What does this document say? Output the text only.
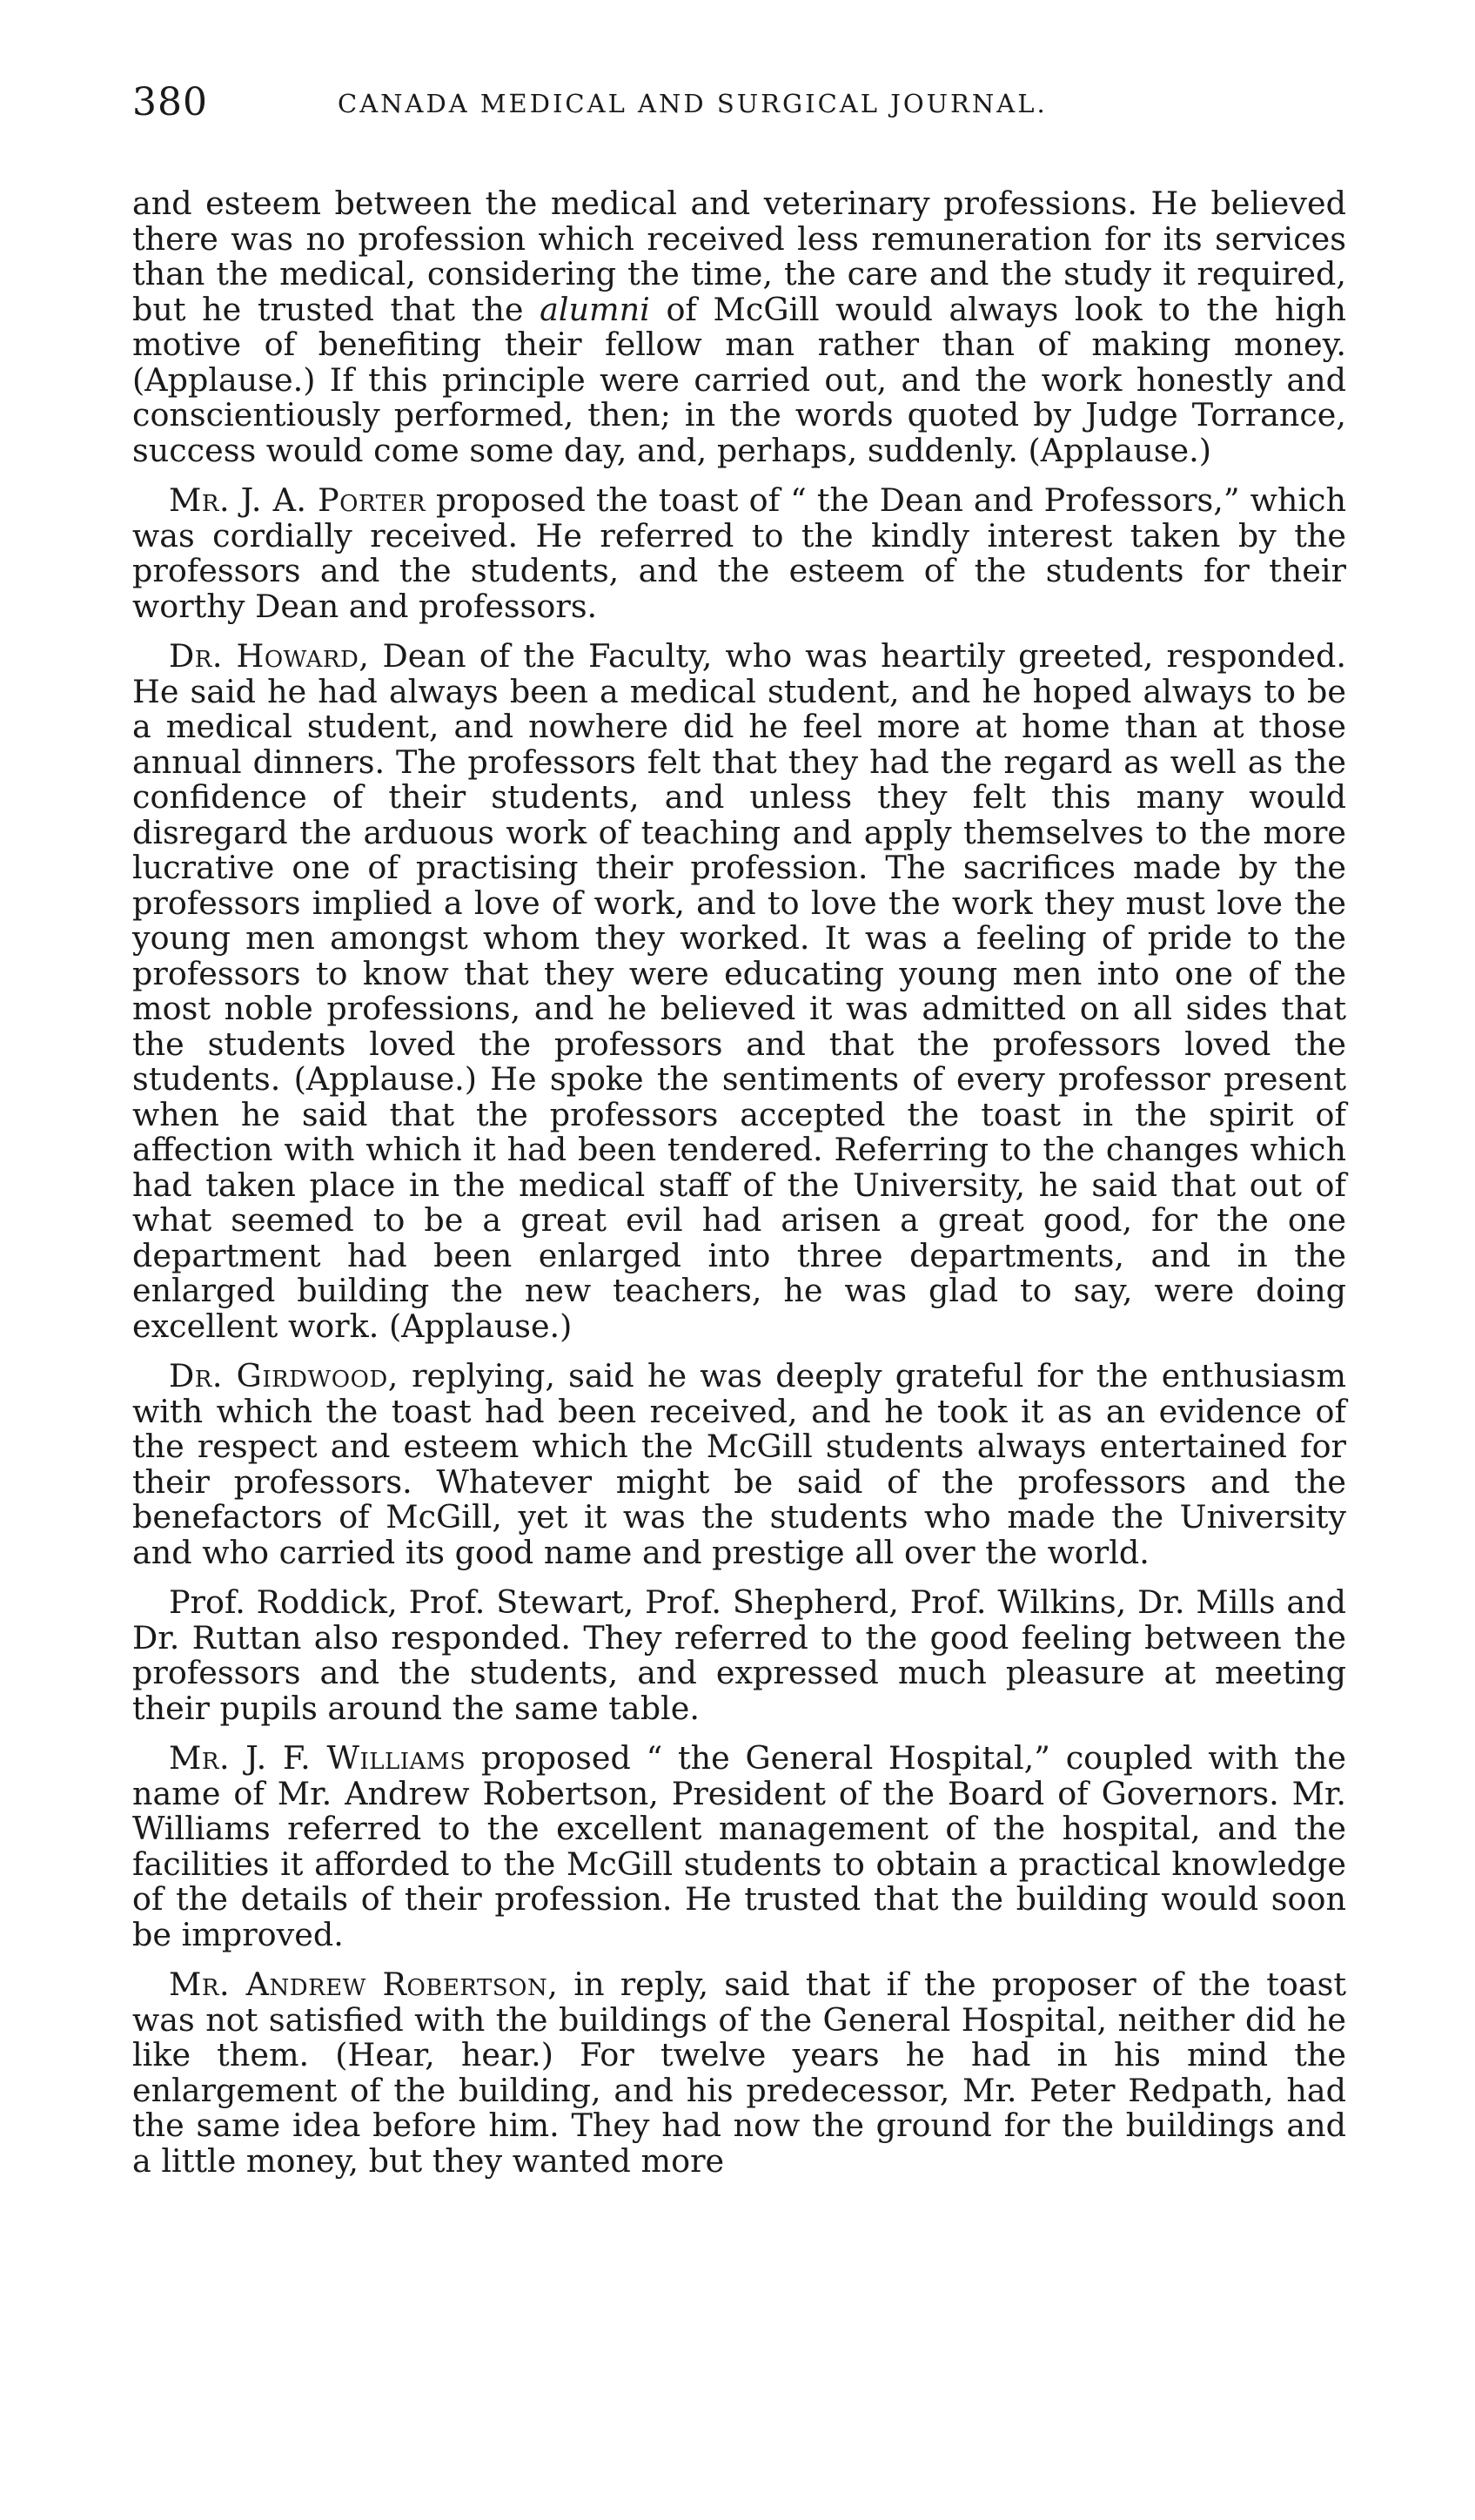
380	CANADA MEDICAL AND SURGICAL JOURNAL.

and esteem between the medical and veterinary professions. He believed there was no profession which received less remuneration for its services than the medical, considering the time, the care and the study it required, but he trusted that the alumni of McGill would always look to the high motive of benefiting their fellow man rather than of making money. (Applause.) If this principle were carried out, and the work honestly and conscientiously performed, then; in the words quoted by Judge Torrance, success would come some day, and, perhaps, suddenly. (Applause.)

Mr. J. A. Porter proposed the toast of “ the Dean and Professors,” which was cordially received. He referred to the kindly interest taken by the professors and the students, and the esteem of the students for their worthy Dean and professors.

Dr. Howard, Dean of the Faculty, who was heartily greeted, responded. He said he had always been a medical student, and he hoped always to be a medical student, and nowhere did he feel more at home than at those annual dinners. The professors felt that they had the regard as well as the confidence of their students, and unless they felt this many would disregard the arduous work of teaching and apply themselves to the more lucrative one of practising their profession. The sacrifices made by the professors implied a love of work, and to love the work they must love the young men amongst whom they worked. It was a feeling of pride to the professors to know that they were educating young men into one of the most noble professions, and he believed it was admitted on all sides that the students loved the professors and that the professors loved the students. (Applause.) He spoke the sentiments of every professor present when he said that the professors accepted the toast in the spirit of affection with which it had been tendered. Referring to the changes which had taken place in the medical staff of the University, he said that out of what seemed to be a great evil had arisen a great good, for the one department had been enlarged into three departments, and in the enlarged building the new teachers, he was glad to say, were doing excellent work. (Applause.)

Dr. Girdwood, replying, said he was deeply grateful for the enthusiasm with which the toast had been received, and he took it as an evidence of the respect and esteem which the McGill students always entertained for their professors. Whatever might be said of the professors and the benefactors of McGill, yet it was the students who made the University and who carried its good name and prestige all over the world.

Prof. Roddick, Prof. Stewart, Prof. Shepherd, Prof. Wilkins, Dr. Mills and Dr. Ruttan also responded. They referred to the good feeling between the professors and the students, and expressed much pleasure at meeting their pupils around the same table.

Mr. J. F. Williams proposed “ the General Hospital,” coupled with the name of Mr. Andrew Robertson, President of the Board of Governors. Mr. Williams referred to the excellent management of the hospital, and the facilities it afforded to the McGill students to obtain a practical knowledge of the details of their profession. He trusted that the building would soon be improved.

Mr. Andrew Robertson, in reply, said that if the proposer of the toast was not satisfied with the buildings of the General Hospital, neither did he like them. (Hear, hear.) For twelve years he had in his mind the enlargement of the building, and his predecessor, Mr. Peter Redpath, had the same idea before him. They had now the ground for the buildings and a little money, but they wanted more
